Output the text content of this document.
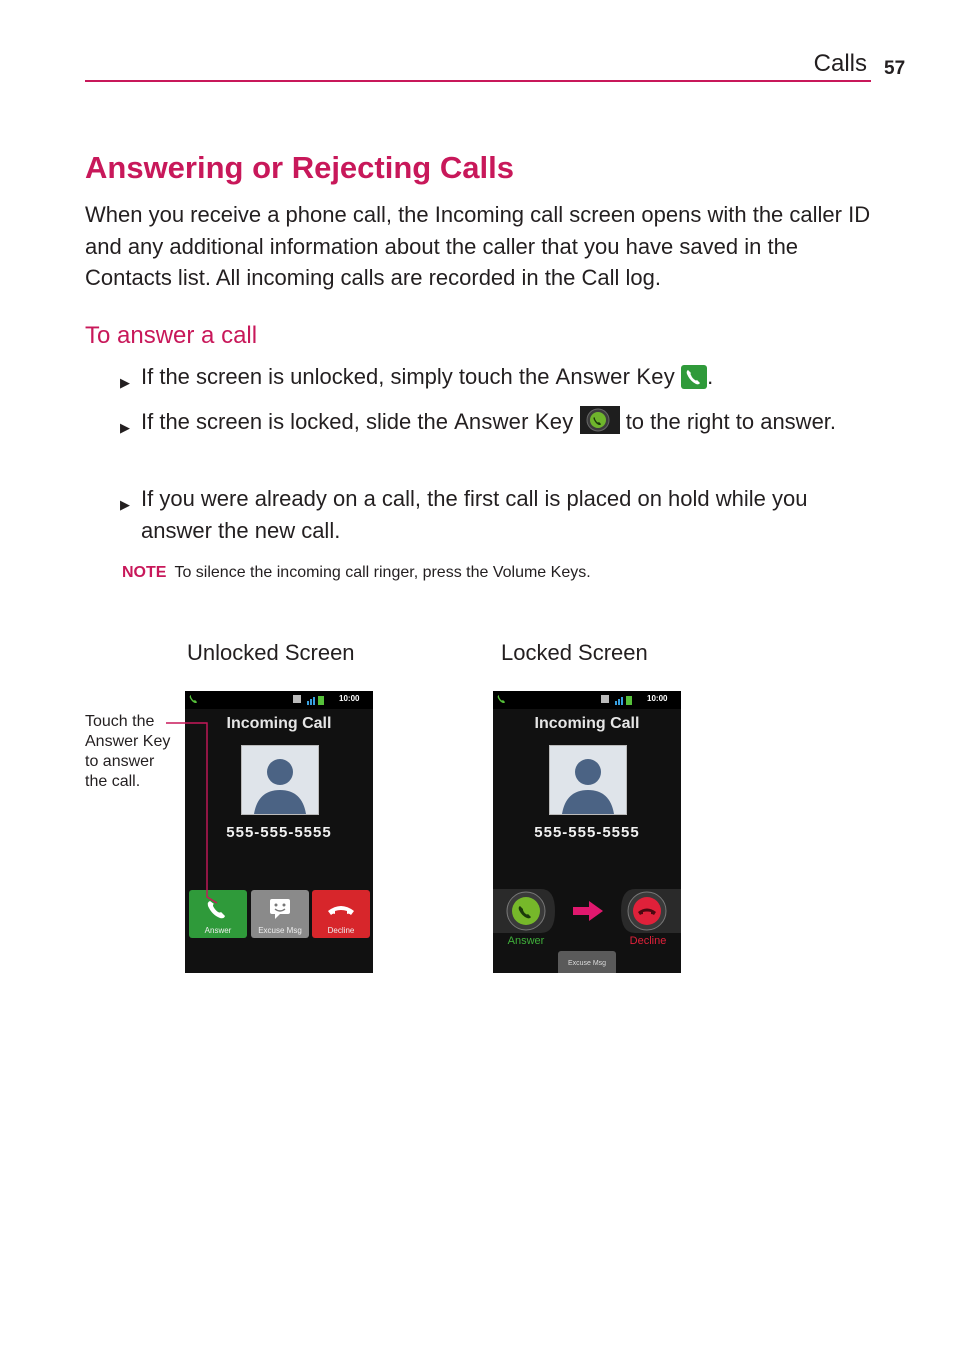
Calls 57
Answering or Rejecting Calls
When you receive a phone call, the Incoming call screen opens with the caller ID and any additional information about the caller that you have saved in the Contacts list. All incoming calls are recorded in the Call log.
To answer a call
▶ If the screen is unlocked, simply touch the Answer Key .
▶ If the screen is locked, slide the Answer Key  to the right to answer.
▶ If you were already on a call, the first call is placed on hold while you answer the new call.
NOTE To silence the incoming call ringer, press the Volume Keys.
Unlocked Screen	Locked Screen
Touch the
Answer Key
to answer
the call.
10:00
Incoming Call
555-555-5555
Answer	Excuse Msg	Decline
10:00
Incoming Call
555-555-5555
Answer	Decline
Excuse Msg
